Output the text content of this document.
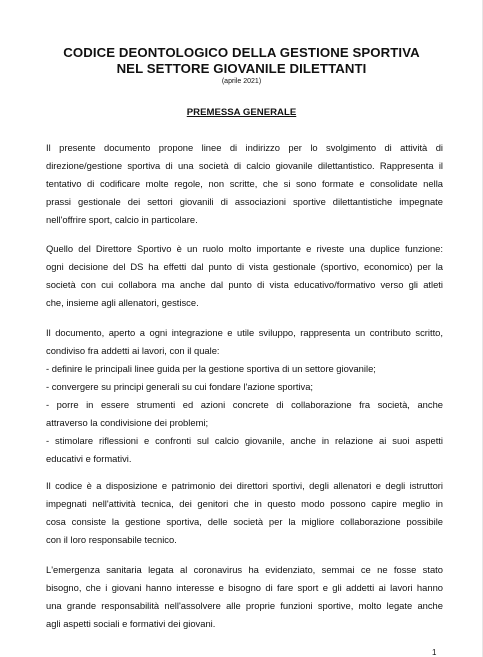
CODICE DEONTOLOGICO DELLA GESTIONE SPORTIVA
NEL SETTORE GIOVANILE DILETTANTI
(aprile 2021)
PREMESSA GENERALE
Il presente documento propone linee di indirizzo per lo svolgimento di attività di
direzione/gestione sportiva di una società di calcio giovanile dilettantistico. Rappresenta il
tentativo di codificare molte regole, non scritte, che si sono formate e consolidate nella
prassi gestionale dei settori giovanili di associazioni sportive dilettantistiche impegnate
nell'offrire sport, calcio in particolare.
Quello del Direttore Sportivo è un ruolo molto importante e riveste una duplice funzione:
ogni decisione del DS ha effetti dal punto di vista gestionale (sportivo, economico) per la
società con cui collabora ma anche dal punto di vista educativo/formativo verso gli atleti
che, insieme agli allenatori, gestisce.
Il documento, aperto a ogni integrazione e utile sviluppo, rappresenta un contributo scritto,
condiviso fra addetti ai lavori, con il quale:
- definire le principali linee guida per la gestione sportiva di un settore giovanile;
- convergere su principi generali su cui fondare l'azione sportiva;
- porre in essere strumenti ed azioni concrete di collaborazione fra società, anche
attraverso la condivisione dei problemi;
- stimolare riflessioni e confronti sul calcio giovanile, anche in relazione ai suoi aspetti
educativi e formativi.
Il codice è a disposizione e patrimonio dei direttori sportivi, degli allenatori e degli istruttori
impegnati nell'attività tecnica, dei genitori che in questo modo possono capire meglio in
cosa consiste la gestione sportiva, delle società per la migliore collaborazione possibile
con il loro responsabile tecnico.
L'emergenza sanitaria legata al coronavirus ha evidenziato, semmai ce ne fosse stato
bisogno, che i giovani hanno interesse e bisogno di fare sport e gli addetti ai lavori hanno
una grande responsabilità nell'assolvere alle proprie funzioni sportive, molto legate anche
agli aspetti sociali e formativi dei giovani.
1
